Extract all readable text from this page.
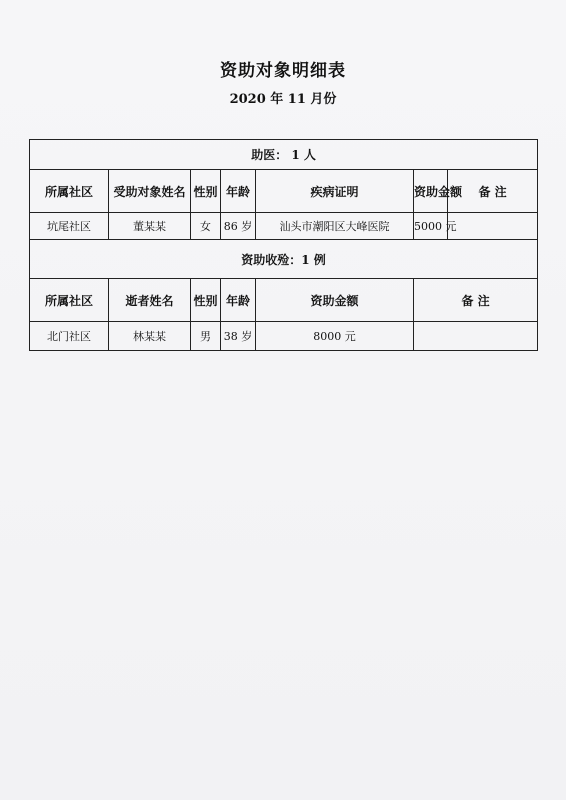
资助对象明细表
2020 年 11 月份
助医： 1 人						
所属社区	受助对象姓名	性别	年龄	疾病证明	资助金额	备 注
坑尾社区	董某某	女	86 岁	汕头市潮阳区大峰医院	5000 元	
资助收殓：1 例						
所属社区	逝者姓名	性别	年龄	资助金额	备 注	
北门社区	林某某	男	38 岁	8000 元		
